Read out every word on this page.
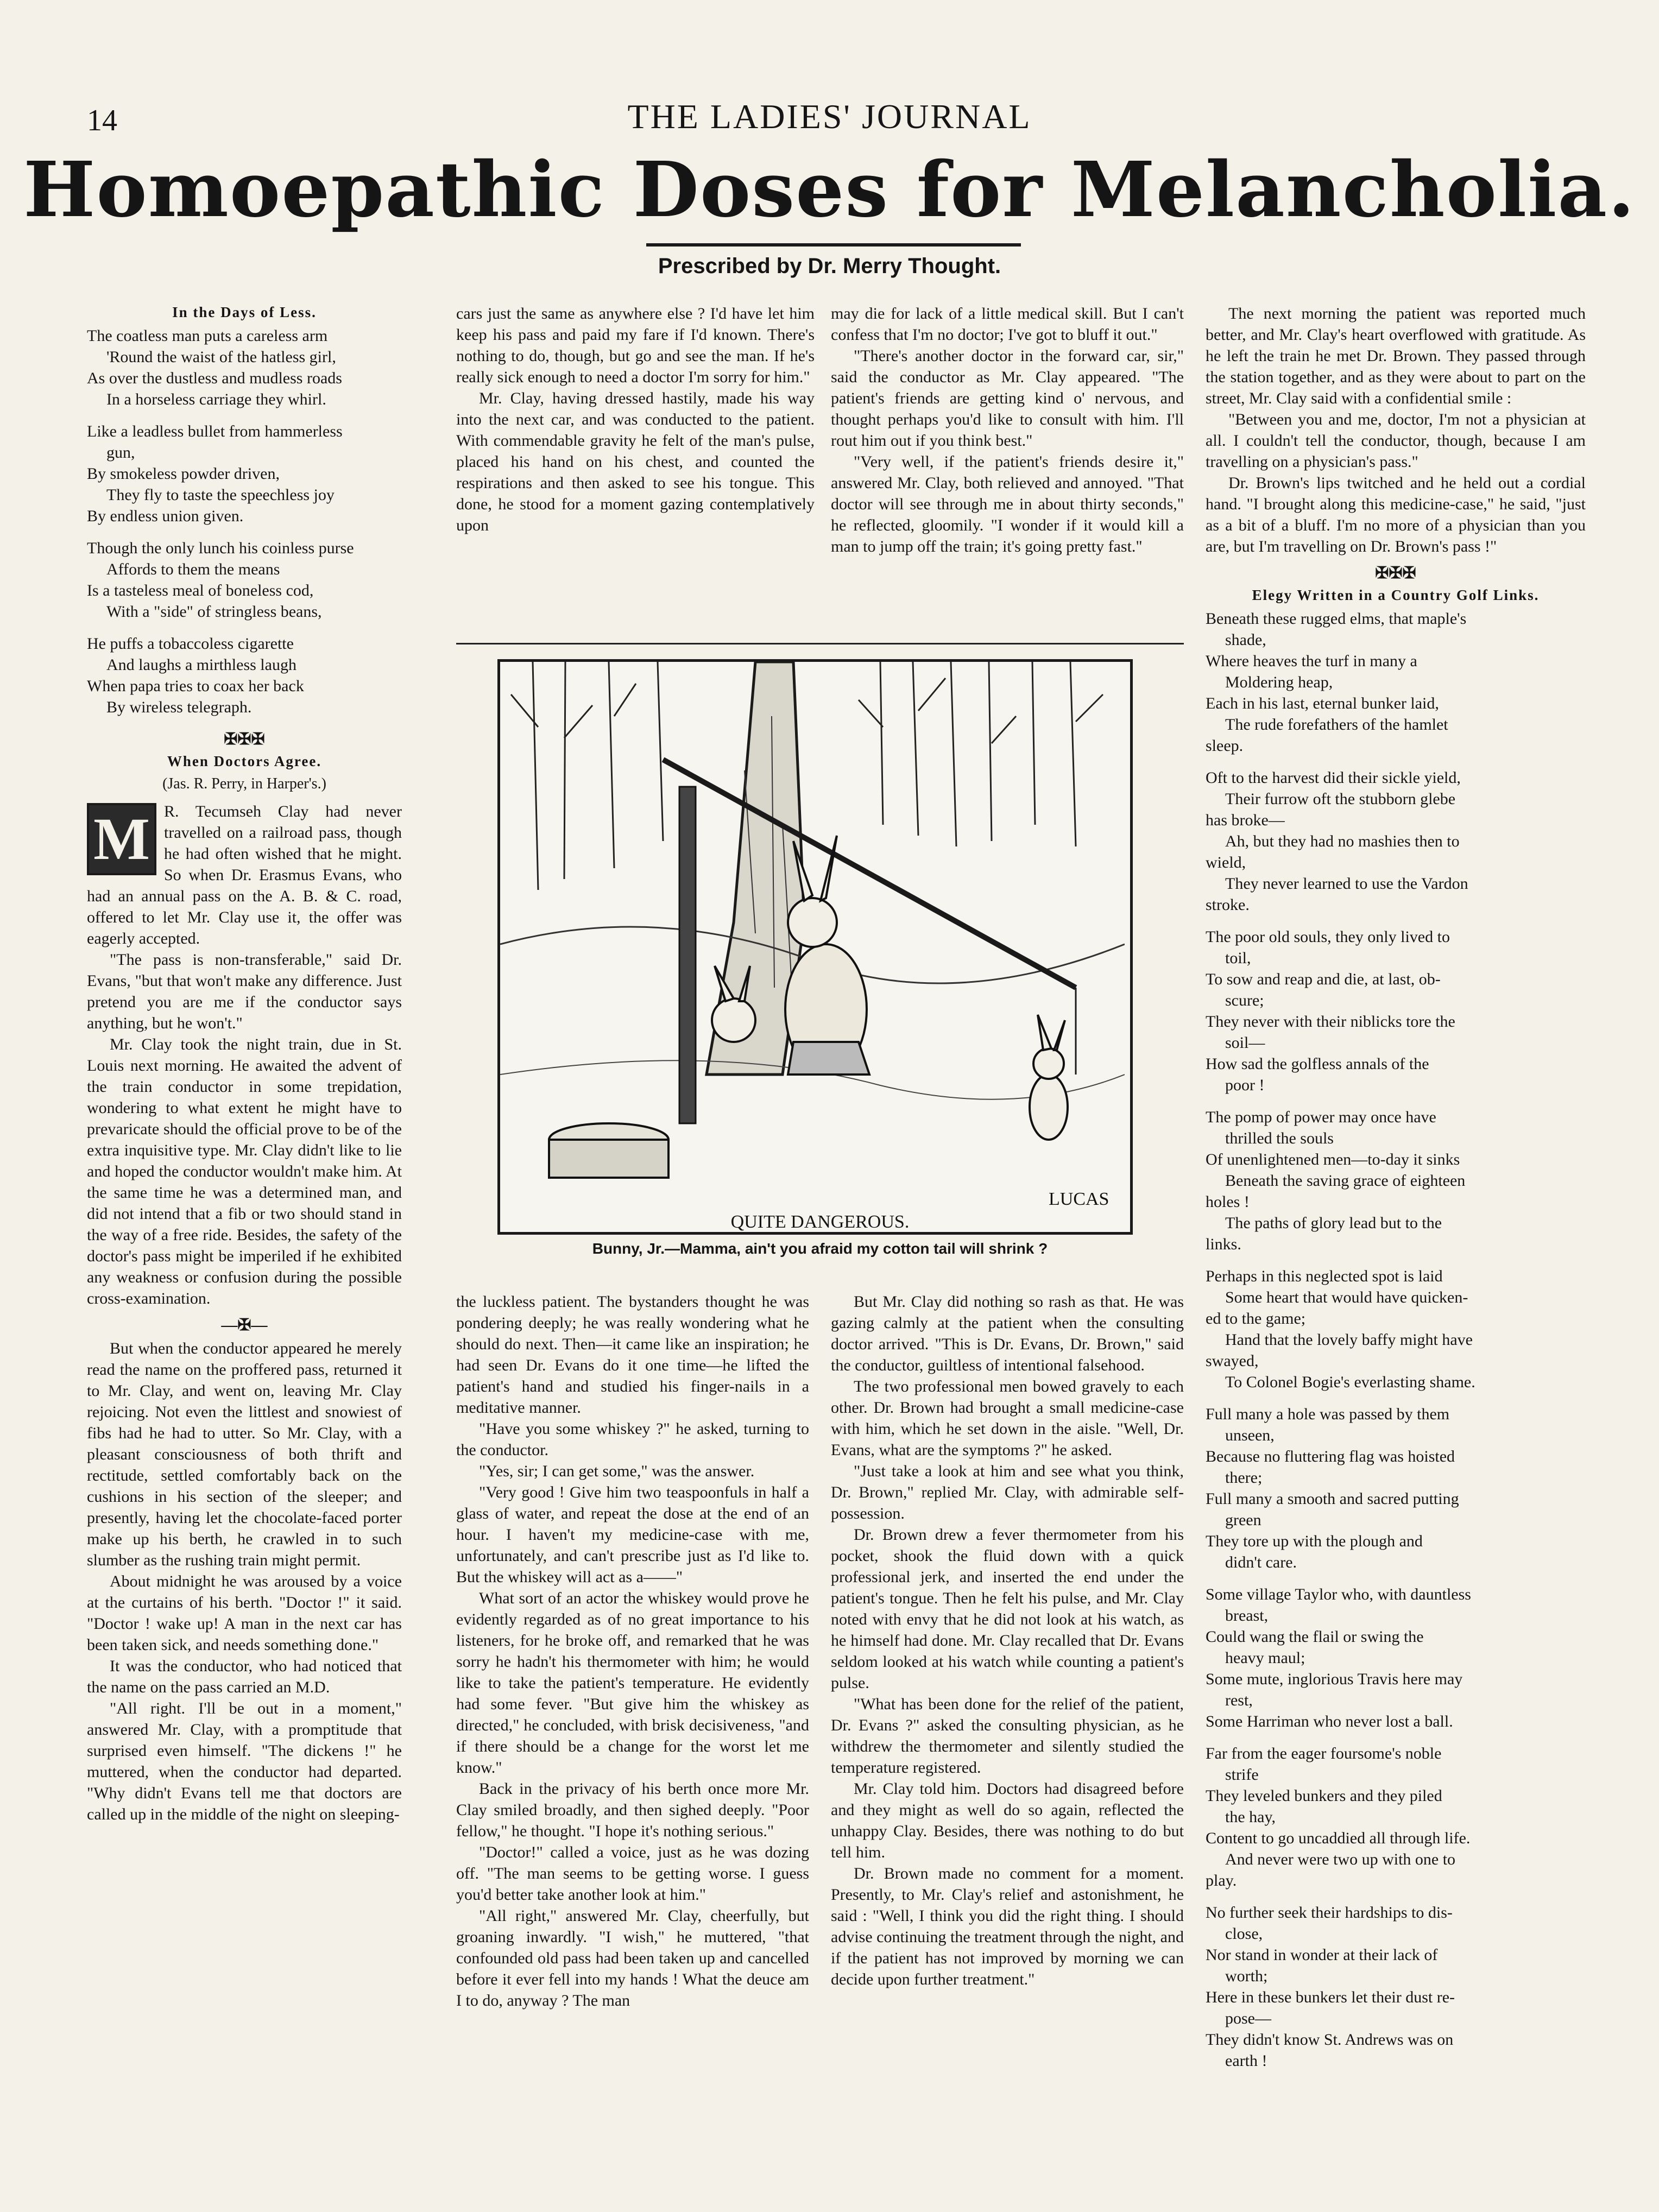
14	THE LADIES' JOURNAL
Homoepathic Doses for Melancholia.
Prescribed by Dr. Merry Thought.
In the Days of Less.
The coatless man puts a careless arm
'Round the waist of the hatless girl,
As over the dustless and mudless roads
In a horseless carriage they whirl.
Like a leadless bullet from hammerless
gun,
By smokeless powder driven,
They fly to taste the speechless joy
By endless union given.
Though the only lunch his coinless purse
Affords to them the means
Is a tasteless meal of boneless cod,
With a "side" of stringless beans,
He puffs a tobaccoless cigarette
And laughs a mirthless laugh
When papa tries to coax her back
By wireless telegraph.
✠✠✠
When Doctors Agree.
(Jas. R. Perry, in Harper's.)
M R. Tecumseh Clay had never travelled on a railroad pass, though he had often wished that he might. So when Dr. Erasmus Evans, who had an annual pass on the A. B. & C. road, offered to let Mr. Clay use it, the offer was eagerly accepted.

"The pass is non-transferable," said Dr. Evans, "but that won't make any difference. Just pretend you are me if the conductor says anything, but he won't."

Mr. Clay took the night train, due in St. Louis next morning. He awaited the advent of the train conductor in some trepidation, wondering to what extent he might have to prevaricate should the official prove to be of the extra inquisitive type. Mr. Clay didn't like to lie and hoped the conductor wouldn't make him. At the same time he was a determined man, and did not intend that a fib or two should stand in the way of a free ride. Besides, the safety of the doctor's pass might be imperiled if he exhibited any weakness or confusion during the possible cross-examination.

—✠—

But when the conductor appeared he merely read the name on the proffered pass, returned it to Mr. Clay, and went on, leaving Mr. Clay rejoicing. Not even the littlest and snowiest of fibs had he had to utter. So Mr. Clay, with a pleasant consciousness of both thrift and rectitude, settled comfortably back on the cushions in his section of the sleeper; and presently, having let the chocolate-faced porter make up his berth, he crawled in to such slumber as the rushing train might permit.

About midnight he was aroused by a voice at the curtains of his berth. "Doctor !" it said. "Doctor ! wake up! A man in the next car has been taken sick, and needs something done."

It was the conductor, who had noticed that the name on the pass carried an M.D.

"All right. I'll be out in a moment," answered Mr. Clay, with a promptitude that surprised even himself. "The dickens !" he muttered, when the conductor had departed. "Why didn't Evans tell me that doctors are called up in the middle of the night on sleeping-

cars just the same as anywhere else ? I'd have let him keep his pass and paid my fare if I'd known. There's nothing to do, though, but go and see the man. If he's really sick enough to need a doctor I'm sorry for him."

Mr. Clay, having dressed hastily, made his way into the next car, and was conducted to the patient. With commendable gravity he felt of the man's pulse, placed his hand on his chest, and counted the respirations and then asked to see his tongue. This done, he stood for a moment gazing contemplatively upon

may die for lack of a little medical skill. But I can't confess that I'm no doctor; I've got to bluff it out."

"There's another doctor in the forward car, sir," said the conductor as Mr. Clay appeared. "The patient's friends are getting kind o' nervous, and thought perhaps you'd like to consult with him. I'll rout him out if you think best."

"Very well, if the patient's friends desire it," answered Mr. Clay, both relieved and annoyed. "That doctor will see through me in about thirty seconds," he reflected, gloomily. "I wonder if it would kill a man to jump off the train; it's going pretty fast."

The next morning the patient was reported much better, and Mr. Clay's heart overflowed with gratitude. As he left the train he met Dr. Brown. They passed through the station together, and as they were about to part on the street, Mr. Clay said with a confidential smile :

"Between you and me, doctor, I'm not a physician at all. I couldn't tell the conductor, though, because I am travelling on a physician's pass."

Dr. Brown's lips twitched and he held out a cordial hand. "I brought along this medicine-case," he said, "just as a bit of a bluff. I'm no more of a physician than you are, but I'm travelling on Dr. Brown's pass !"

✠✠✠
Elegy Written in a Country Golf Links.
Beneath these rugged elms, that maple's
shade,
Where heaves the turf in many a
Moldering heap,
Each in his last, eternal bunker laid,
The rude forefathers of the hamlet
sleep.
Oft to the harvest did their sickle yield,
Their furrow oft the stubborn glebe
has broke—
Ah, but they had no mashies then to
wield,
They never learned to use the Vardon
stroke.
The poor old souls, they only lived to
toil,
To sow and reap and die, at last, ob-
scure;
They never with their niblicks tore the
soil—
How sad the golfless annals of the
poor !
The pomp of power may once have
thrilled the souls
Of unenlightened men—to-day it sinks
Beneath the saving grace of eighteen
holes !
The paths of glory lead but to the
links.
Perhaps in this neglected spot is laid
Some heart that would have quicken-
ed to the game;
Hand that the lovely baffy might have
swayed,
To Colonel Bogie's everlasting shame.
Full many a hole was passed by them
unseen,
Because no fluttering flag was hoisted
there;
Full many a smooth and sacred putting
green
They tore up with the plough and
didn't care.
Some village Taylor who, with dauntless
breast,
Could wang the flail or swing the
heavy maul;
Some mute, inglorious Travis here may
rest,
Some Harriman who never lost a ball.
Far from the eager foursome's noble
strife
They leveled bunkers and they piled
the hay,
Content to go uncaddied all through life.
And never were two up with one to
play.
No further seek their hardships to dis-
close,
Nor stand in wonder at their lack of
worth;
Here in these bunkers let their dust re-
pose—
They didn't know St. Andrews was on
earth !
LUCAS
QUITE DANGEROUS.
Bunny, Jr.—Mamma, ain't you afraid my cotton tail will shrink ?

the luckless patient. The bystanders thought he was pondering deeply; he was really wondering what he should do next. Then—it came like an inspiration; he had seen Dr. Evans do it one time—he lifted the patient's hand and studied his finger-nails in a meditative manner.

"Have you some whiskey ?" he asked, turning to the conductor.

"Yes, sir; I can get some," was the answer.

"Very good ! Give him two teaspoonfuls in half a glass of water, and repeat the dose at the end of an hour. I haven't my medicine-case with me, unfortunately, and can't prescribe just as I'd like to. But the whiskey will act as a——"

What sort of an actor the whiskey would prove he evidently regarded as of no great importance to his listeners, for he broke off, and remarked that he was sorry he hadn't his thermometer with him; he would like to take the patient's temperature. He evidently had some fever. "But give him the whiskey as directed," he concluded, with brisk decisiveness, "and if there should be a change for the worst let me know."

Back in the privacy of his berth once more Mr. Clay smiled broadly, and then sighed deeply. "Poor fellow," he thought. "I hope it's nothing serious."

"Doctor!" called a voice, just as he was dozing off. "The man seems to be getting worse. I guess you'd better take another look at him."

"All right," answered Mr. Clay, cheerfully, but groaning inwardly. "I wish," he muttered, "that confounded old pass had been taken up and cancelled before it ever fell into my hands ! What the deuce am I to do, anyway ? The man

But Mr. Clay did nothing so rash as that. He was gazing calmly at the patient when the consulting doctor arrived. "This is Dr. Evans, Dr. Brown," said the conductor, guiltless of intentional falsehood.

The two professional men bowed gravely to each other. Dr. Brown had brought a small medicine-case with him, which he set down in the aisle. "Well, Dr. Evans, what are the symptoms ?" he asked.

"Just take a look at him and see what you think, Dr. Brown," replied Mr. Clay, with admirable self-possession.

Dr. Brown drew a fever thermometer from his pocket, shook the fluid down with a quick professional jerk, and inserted the end under the patient's tongue. Then he felt his pulse, and Mr. Clay noted with envy that he did not look at his watch, as he himself had done. Mr. Clay recalled that Dr. Evans seldom looked at his watch while counting a patient's pulse.

"What has been done for the relief of the patient, Dr. Evans ?" asked the consulting physician, as he withdrew the thermometer and silently studied the temperature registered.

Mr. Clay told him. Doctors had disagreed before and they might as well do so again, reflected the unhappy Clay. Besides, there was nothing to do but tell him.

Dr. Brown made no comment for a moment. Presently, to Mr. Clay's relief and astonishment, he said : "Well, I think you did the right thing. I should advise continuing the treatment through the night, and if the patient has not improved by morning we can decide upon further treatment."
